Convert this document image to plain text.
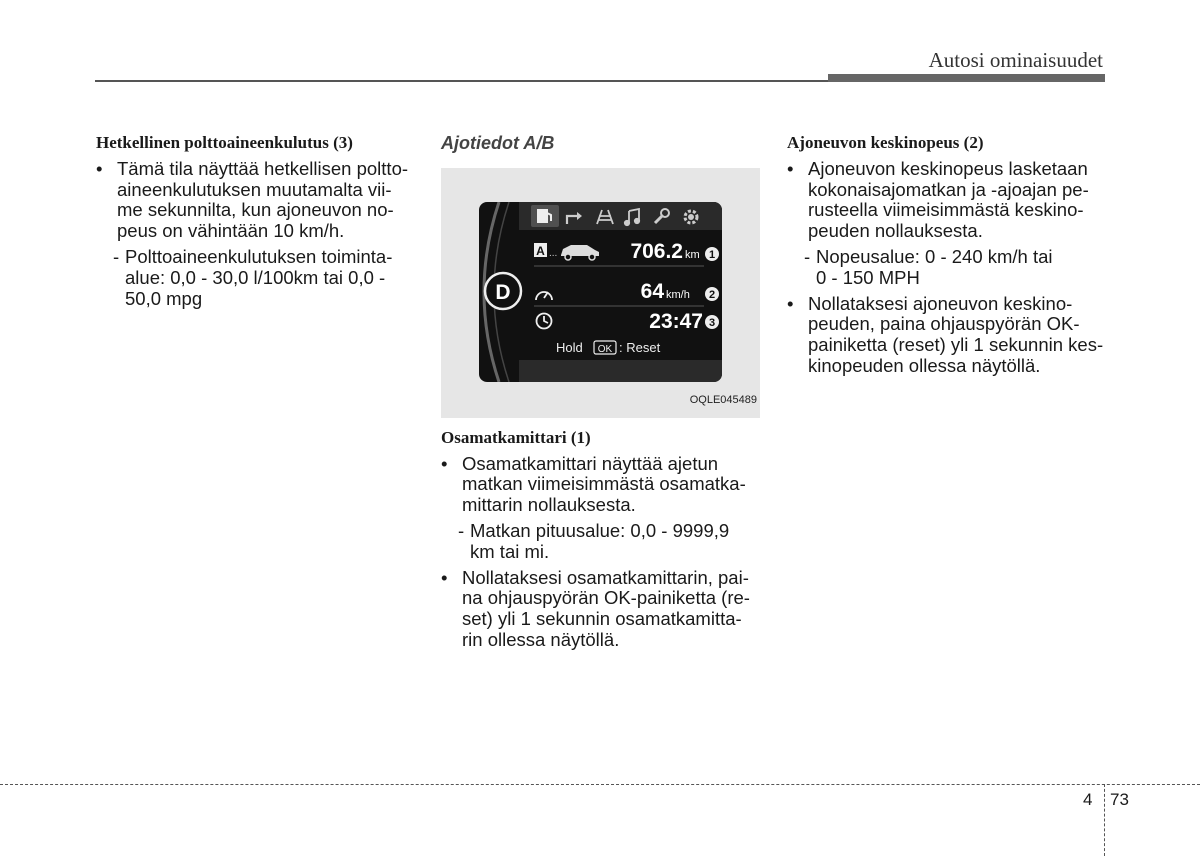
Autosi ominaisuudet

Hetkellinen polttoaineenkulutus (3)

• Tämä tila näyttää hetkellisen poltto-
aineenkulutuksen muutamalta vii-
me sekunnilta, kun ajoneuvon no-
peus on vähintään 10 km/h.
- Polttoaineenkulutuksen toiminta-
alue: 0,0 - 30,0 l/100km tai 0,0 -
50,0 mpg

Ajotiedot A/B

D
A ...	706.2 km 1
64 km/h 2
23:47 3
Hold OK : Reset
OQLE045489

Osamatkamittari (1)

• Osamatkamittari näyttää ajetun
matkan viimeisimmästä osamatka-
mittarin nollauksesta.
- Matkan pituusalue: 0,0 - 9999,9
km tai mi.
• Nollataksesi osamatkamittarin, pai-
na ohjauspyörän OK-painiketta (re-
set) yli 1 sekunnin osamatkamitta-
rin ollessa näytöllä.

Ajoneuvon keskinopeus (2)

• Ajoneuvon keskinopeus lasketaan
kokonaisajomatkan ja -ajoajan pe-
rusteella viimeisimmästä keskino-
peuden nollauksesta.
- Nopeusalue: 0 - 240 km/h tai
0 - 150 MPH
• Nollataksesi ajoneuvon keskino-
peuden, paina ohjauspyörän OK-
painiketta (reset) yli 1 sekunnin kes-
kinopeuden ollessa näytöllä.
4 73
